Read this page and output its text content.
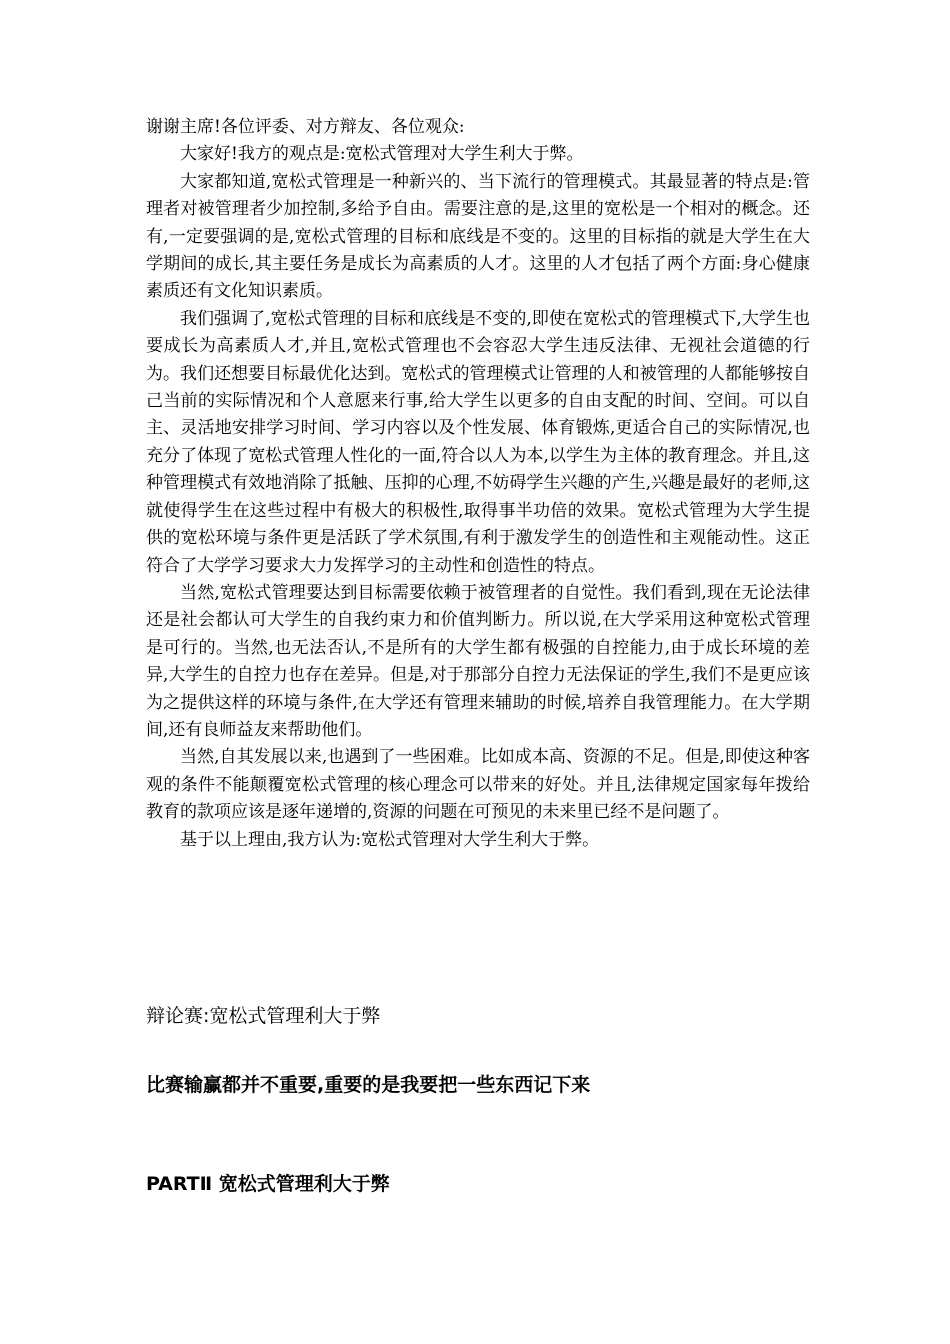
谢谢主席!各位评委、对方辩友、各位观众:

大家好!我方的观点是:宽松式管理对大学生利大于弊。

大家都知道,宽松式管理是一种新兴的、当下流行的管理模式。其最显著的特点是:管理者对被管理者少加控制,多给予自由。需要注意的是,这里的宽松是一个相对的概念。还有,一定要强调的是,宽松式管理的目标和底线是不变的。这里的目标指的就是大学生在大学期间的成长,其主要任务是成长为高素质的人才。这里的人才包括了两个方面:身心健康素质还有文化知识素质。

我们强调了,宽松式管理的目标和底线是不变的,即使在宽松式的管理模式下,大学生也要成长为高素质人才,并且,宽松式管理也不会容忍大学生违反法律、无视社会道德的行为。我们还想要目标最优化达到。宽松式的管理模式让管理的人和被管理的人都能够按自己当前的实际情况和个人意愿来行事,给大学生以更多的自由支配的时间、空间。可以自主、灵活地安排学习时间、学习内容以及个性发展、体育锻炼,更适合自己的实际情况,也充分了体现了宽松式管理人性化的一面,符合以人为本,以学生为主体的教育理念。并且,这种管理模式有效地消除了抵触、压抑的心理,不妨碍学生兴趣的产生,兴趣是最好的老师,这就使得学生在这些过程中有极大的积极性,取得事半功倍的效果。宽松式管理为大学生提供的宽松环境与条件更是活跃了学术氛围,有利于激发学生的创造性和主观能动性。这正符合了大学学习要求大力发挥学习的主动性和创造性的特点。

当然,宽松式管理要达到目标需要依赖于被管理者的自觉性。我们看到,现在无论法律还是社会都认可大学生的自我约束力和价值判断力。所以说,在大学采用这种宽松式管理是可行的。当然,也无法否认,不是所有的大学生都有极强的自控能力,由于成长环境的差异,大学生的自控力也存在差异。但是,对于那部分自控力无法保证的学生,我们不是更应该为之提供这样的环境与条件,在大学还有管理来辅助的时候,培养自我管理能力。在大学期间,还有良师益友来帮助他们。

当然,自其发展以来,也遇到了一些困难。比如成本高、资源的不足。但是,即使这种客观的条件不能颠覆宽松式管理的核心理念可以带来的好处。并且,法律规定国家每年拨给教育的款项应该是逐年递增的,资源的问题在可预见的未来里已经不是问题了。

基于以上理由,我方认为:宽松式管理对大学生利大于弊。

辩论赛:宽松式管理利大于弊
比赛输赢都并不重要,重要的是我要把一些东西记下来
PARTⅡ 宽松式管理利大于弊
